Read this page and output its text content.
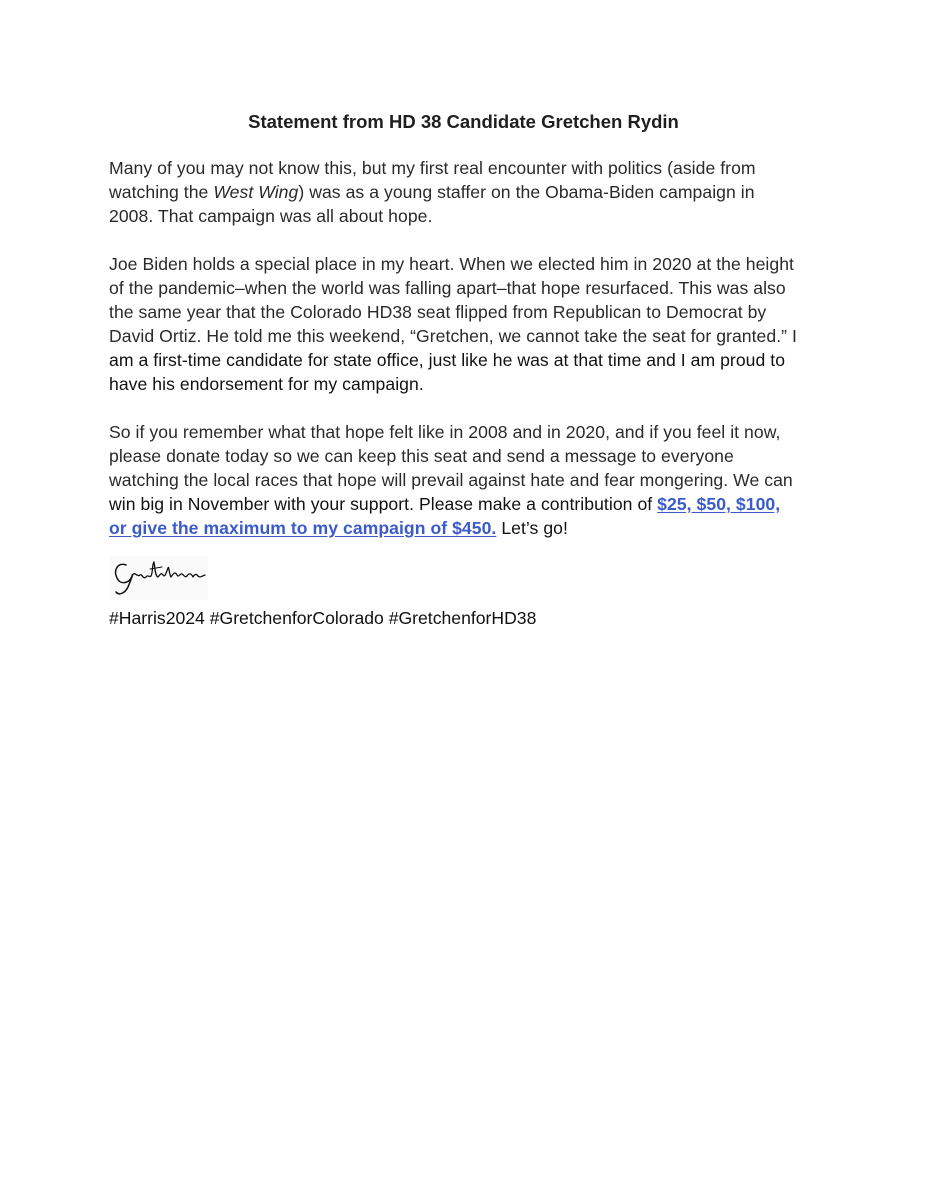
Statement from HD 38 Candidate Gretchen Rydin
Many of you may not know this, but my first real encounter with politics (aside from
watching the West Wing) was as a young staffer on the Obama-Biden campaign in
2008. That campaign was all about hope.
Joe Biden holds a special place in my heart. When we elected him in 2020 at the height
of the pandemic–when the world was falling apart–that hope resurfaced. This was also
the same year that the Colorado HD38 seat flipped from Republican to Democrat by
David Ortiz. He told me this weekend, “Gretchen, we cannot take the seat for granted.” I
am a first-time candidate for state office, just like he was at that time and I am proud to
have his endorsement for my campaign.
So if you remember what that hope felt like in 2008 and in 2020, and if you feel it now,
please donate today so we can keep this seat and send a message to everyone
watching the local races that hope will prevail against hate and fear mongering. We can
win big in November with your support. Please make a contribution of $25, $50, $100,
or give the maximum to my campaign of $450. Let’s go!
#Harris2024 #GretchenforColorado #GretchenforHD38
